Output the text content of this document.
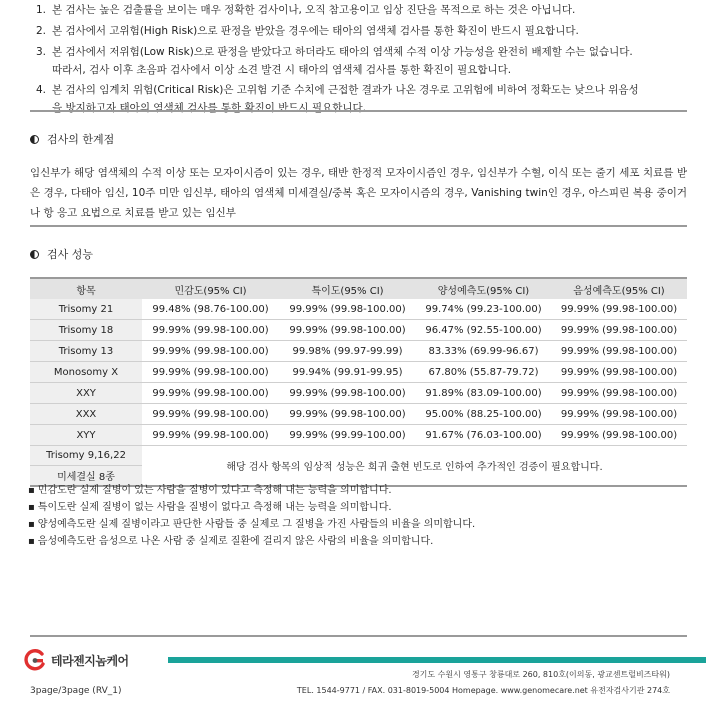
1. 본 검사는 높은 검출률을 보이는 매우 정확한 검사이나, 오직 참고용이고 임상 진단을 목적으로 하는 것은 아닙니다.
2. 본 검사에서 고위험(High Risk)으로 판정을 받았을 경우에는 태아의 염색체 검사를 통한 확진이 반드시 필요합니다.
3. 본 검사에서 저위험(Low Risk)으로 판정을 받았다고 하더라도 태아의 염색체 수적 이상 가능성을 완전히 배제할 수는 없습니다.
따라서, 검사 이후 초음파 검사에서 이상 소견 발견 시 태아의 염색체 검사를 통한 확진이 필요합니다.
4. 본 검사의 임계치 위험(Critical Risk)은 고위험 기준 수치에 근접한 결과가 나온 경우로 고위험에 비하여 정확도는 낮으나 위음성
을 방지하고자 태아의 염색체 검사를 통한 확진이 반드시 필요합니다.
검사의 한계점
임신부가 해당 염색체의 수적 이상 또는 모자이시즘이 있는 경우, 태반 한정적 모자이시즘인 경우, 임신부가 수혈, 이식 또는 줄기 세포 치료를 받은 경우, 다태아 임신, 10주 미만 임신부, 태아의 염색체 미세결실/중복 혹은 모자이시즘의 경우, Vanishing twin인 경우, 아스피린 복용 중이거나 항 응고 요법으로 치료를 받고 있는 임신부
검사 성능
항목	민감도(95% CI)	특이도(95% CI)	양성예측도(95% CI)	음성예측도(95% CI)
Trisomy 21	99.48% (98.76-100.00)	99.99% (99.98-100.00)	99.74% (99.23-100.00)	99.99% (99.98-100.00)
Trisomy 18	99.99% (99.98-100.00)	99.99% (99.98-100.00)	96.47% (92.55-100.00)	99.99% (99.98-100.00)
Trisomy 13	99.99% (99.98-100.00)	99.98% (99.97-99.99)	83.33% (69.99-96.67)	99.99% (99.98-100.00)
Monosomy X	99.99% (99.98-100.00)	99.94% (99.91-99.95)	67.80% (55.87-79.72)	99.99% (99.98-100.00)
XXY	99.99% (99.98-100.00)	99.99% (99.98-100.00)	91.89% (83.09-100.00)	99.99% (99.98-100.00)
XXX	99.99% (99.98-100.00)	99.99% (99.98-100.00)	95.00% (88.25-100.00)	99.99% (99.98-100.00)
XYY	99.99% (99.98-100.00)	99.99% (99.99-100.00)	91.67% (76.03-100.00)	99.99% (99.98-100.00)
Trisomy 9,16,22	해당 검사 항목의 임상적 성능은 희귀 출현 빈도로 인하여 추가적인 검증이 필요합니다.			
미세결실 8종				
▪ 민감도란 실제 질병이 있는 사람을 질병이 있다고 측정해 내는 능력을 의미합니다.
▪ 특이도란 실제 질병이 없는 사람을 질병이 없다고 측정해 내는 능력을 의미합니다.
▪ 양성예측도란 실제 질병이라고 판단한 사람들 중 실제로 그 질병을 가진 사람들의 비율을 의미합니다.
▪ 음성예측도란 음성으로 나온 사람 중 실제로 질환에 걸리지 않은 사람의 비율을 의미합니다.
테라젠지놈케어
3page/3page (RV_1)
경기도 수원시 영통구 창룡대로 260, 810호(이의동, 광교센트럴비즈타워)
TEL. 1544-9771 / FAX. 031-8019-5004 Homepage. www.genomecare.net 유전자검사기관 274호
